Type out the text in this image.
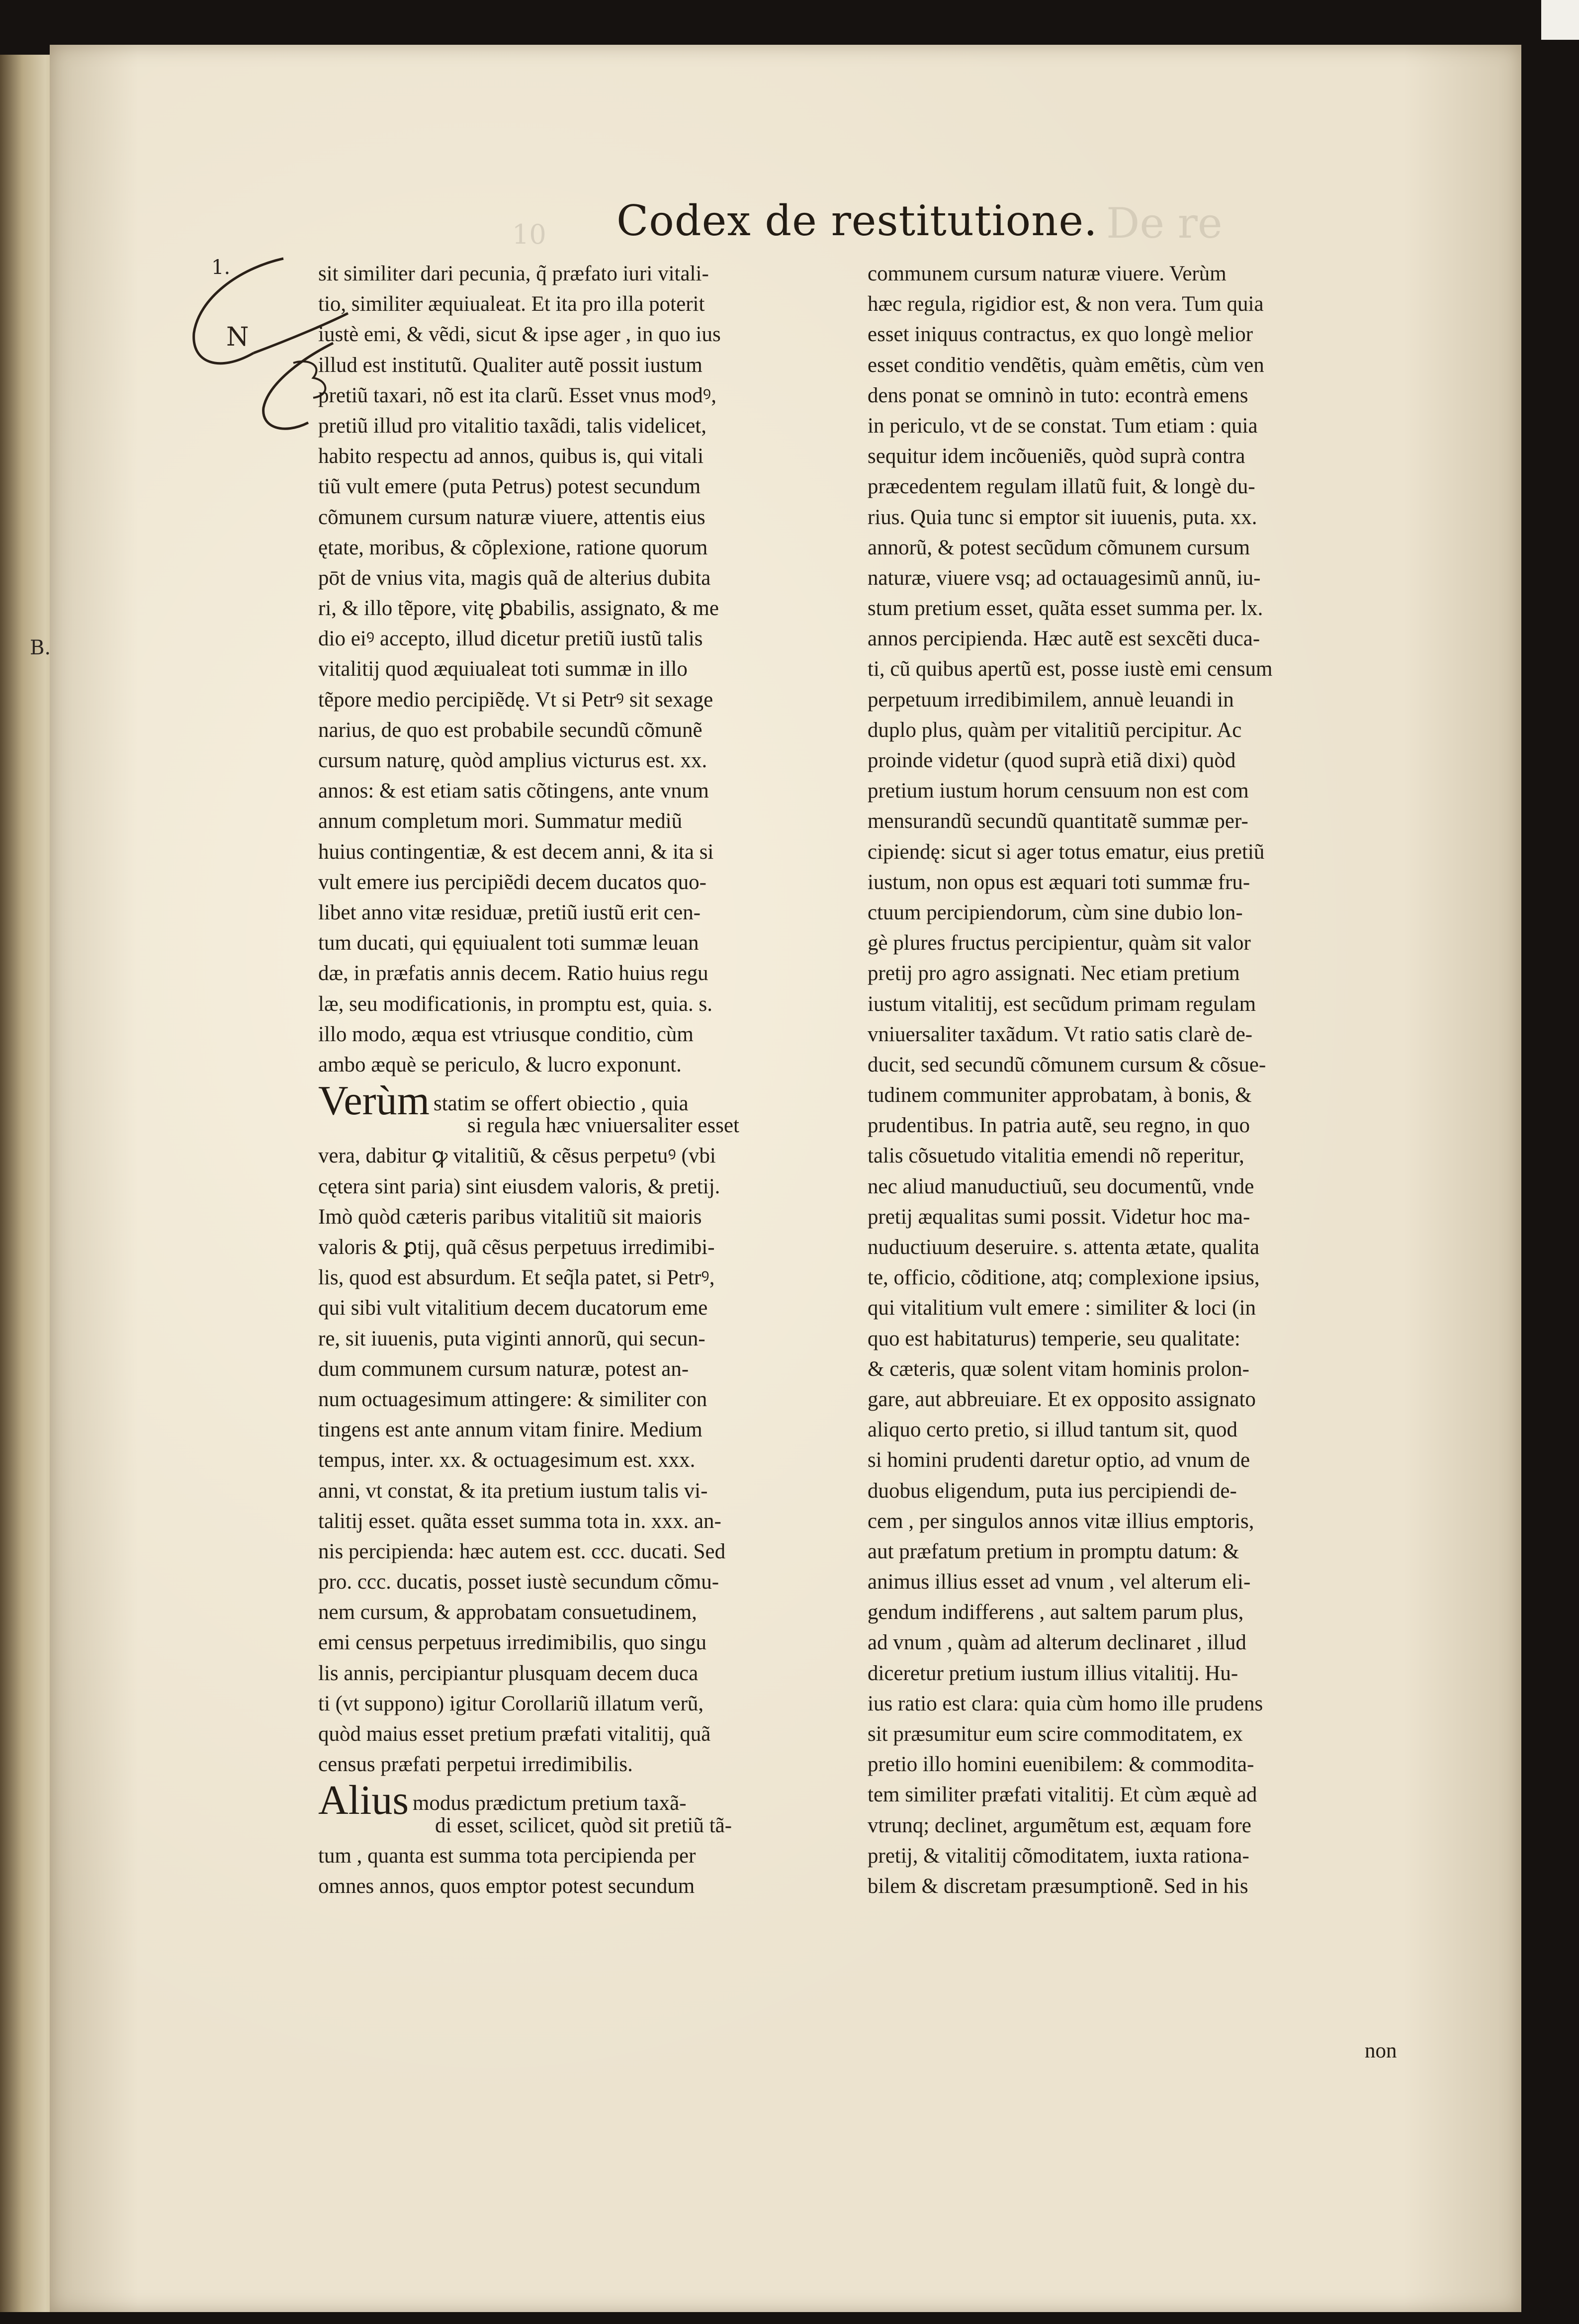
De re
10 Codex de restitutione.
1.
B.
N
sit similiter dari pecunia, q̃ præfato iuri vitali-
tio, similiter æquiualeat. Et ita pro illa poterit
iustè emi, & vẽdi, sicut & ipse ager , in quo ius
illud est institutũ. Qualiter autẽ possit iustum
pretiũ taxari, nõ est ita clarũ. Esset vnus modꝰ,
pretiũ illud pro vitalitio taxãdi, talis videlicet,
habito respectu ad annos, quibus is, qui vitali
tiũ vult emere (puta Petrus) potest secundum
cõmunem cursum naturæ viuere, attentis eius
ętate, moribus, & cõplexione, ratione quorum
pōt de vnius vita, magis quã de alterius dubita
ri, & illo tẽpore, vitę ꝑbabilis, assignato, & me
dio eiꝰ accepto, illud dicetur pretiũ iustũ talis
vitalitij quod æquiualeat toti summæ in illo
tẽpore medio percipiẽdę. Vt si Petrꝰ sit sexage
narius, de quo est probabile secundũ cõmunẽ
cursum naturę, quòd amplius victurus est. xx.
annos: & est etiam satis cõtingens, ante vnum
annum completum mori. Summatur mediũ
huius contingentiæ, & est decem anni, & ita si
vult emere ius percipiẽdi decem ducatos quo-
libet anno vitæ residuæ, pretiũ iustũ erit cen-
tum ducati, qui ęquiualent toti summæ leuan
dæ, in præfatis annis decem. Ratio huius regu
læ, seu modificationis, in promptu est, quia. s.
illo modo, æqua est vtriusque conditio, cùm
ambo æquè se periculo, & lucro exponunt.
Verùm statim se offert obiectio , quia
si regula hæc vniuersaliter esset
vera, dabitur ꝙ vitalitiũ, & cẽsus perpetuꝰ (vbi
cętera sint paria) sint eiusdem valoris, & pretij.
Imò quòd cæteris paribus vitalitiũ sit maioris
valoris & ꝑtij, quã cẽsus perpetuus irredimibi-
lis, quod est absurdum. Et seq̃la patet, si Petrꝰ,
qui sibi vult vitalitium decem ducatorum eme
re, sit iuuenis, puta viginti annorũ, qui secun-
dum communem cursum naturæ, potest an-
num octuagesimum attingere: & similiter con
tingens est ante annum vitam finire. Medium
tempus, inter. xx. & octuagesimum est. xxx.
anni, vt constat, & ita pretium iustum talis vi-
talitij esset. quãta esset summa tota in. xxx. an-
nis percipienda: hæc autem est. ccc. ducati. Sed
pro. ccc. ducatis, posset iustè secundum cõmu-
nem cursum, & approbatam consuetudinem,
emi census perpetuus irredimibilis, quo singu
lis annis, percipiantur plusquam decem duca
ti (vt suppono) igitur Corollariũ illatum verũ,
quòd maius esset pretium præfati vitalitij, quã
census præfati perpetui irredimibilis.
Alius modus prædictum pretium taxã-
di esset, scilicet, quòd sit pretiũ tã-
tum , quanta est summa tota percipienda per
omnes annos, quos emptor potest secundum
communem cursum naturæ viuere. Verùm
hæc regula, rigidior est, & non vera. Tum quia
esset iniquus contractus, ex quo longè melior
esset conditio vendẽtis, quàm emẽtis, cùm ven
dens ponat se omninò in tuto: econtrà emens
in periculo, vt de se constat. Tum etiam : quia
sequitur idem incõueniẽs, quòd suprà contra
præcedentem regulam illatũ fuit, & longè du-
rius. Quia tunc si emptor sit iuuenis, puta. xx.
annorũ, & potest secũdum cõmunem cursum
naturæ, viuere vsq; ad octauagesimũ annũ, iu-
stum pretium esset, quãta esset summa per. lx.
annos percipienda. Hæc autẽ est sexcẽti duca-
ti, cũ quibus apertũ est, posse iustè emi censum
perpetuum irredibimilem, annuè leuandi in
duplo plus, quàm per vitalitiũ percipitur. Ac
proinde videtur (quod suprà etiã dixi) quòd
pretium iustum horum censuum non est com
mensurandũ secundũ quantitatẽ summæ per-
cipiendę: sicut si ager totus ematur, eius pretiũ
iustum, non opus est æquari toti summæ fru-
ctuum percipiendorum, cùm sine dubio lon-
gè plures fructus percipientur, quàm sit valor
pretij pro agro assignati. Nec etiam pretium
iustum vitalitij, est secũdum primam regulam
vniuersaliter taxãdum. Vt ratio satis clarè de-
ducit, sed secundũ cõmunem cursum & cõsue-
tudinem communiter approbatam, à bonis, &
prudentibus. In patria autẽ, seu regno, in quo
talis cõsuetudo vitalitia emendi nõ reperitur,
nec aliud manuductiuũ, seu documentũ, vnde
pretij æqualitas sumi possit. Videtur hoc ma-
nuductiuum deseruire. s. attenta ætate, qualita
te, officio, cõditione, atq; complexione ipsius,
qui vitalitium vult emere : similiter & loci (in
quo est habitaturus) temperie, seu qualitate:
& cæteris, quæ solent vitam hominis prolon-
gare, aut abbreuiare. Et ex opposito assignato
aliquo certo pretio, si illud tantum sit, quod
si homini prudenti daretur optio, ad vnum de
duobus eligendum, puta ius percipiendi de-
cem , per singulos annos vitæ illius emptoris,
aut præfatum pretium in promptu datum: &
animus illius esset ad vnum , vel alterum eli-
gendum indifferens , aut saltem parum plus,
ad vnum , quàm ad alterum declinaret , illud
diceretur pretium iustum illius vitalitij. Hu-
ius ratio est clara: quia cùm homo ille prudens
sit præsumitur eum scire commoditatem, ex
pretio illo homini euenibilem: & commodita-
tem similiter præfati vitalitij. Et cùm æquè ad
vtrunq; declinet, argumẽtum est, æquam fore
pretij, & vitalitij cõmoditatem, iuxta rationa-
bilem & discretam præsumptionẽ. Sed in his
non
